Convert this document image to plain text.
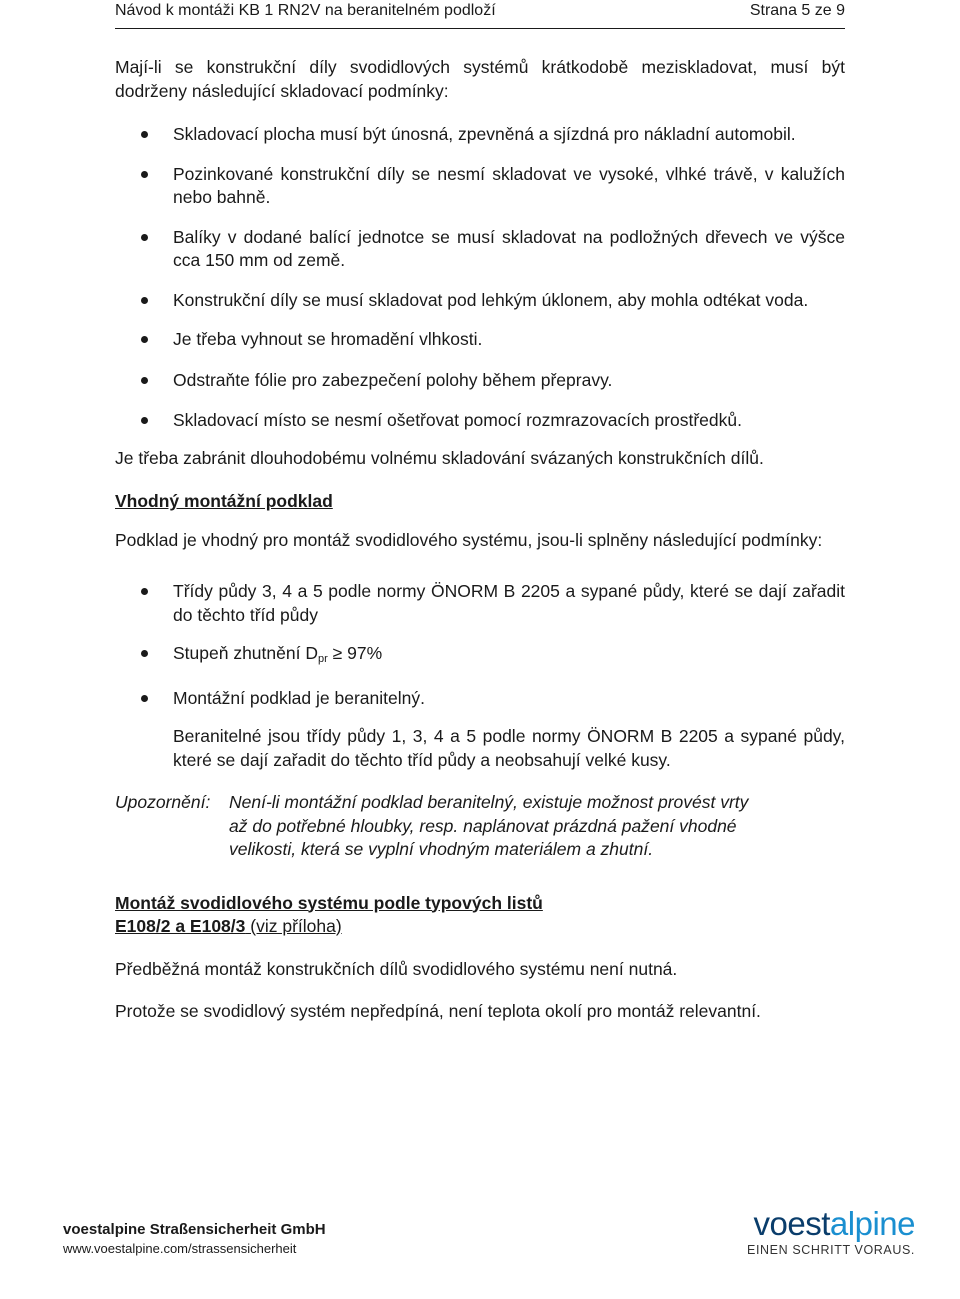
Návod k montáži KB 1 RN2V na beranitelném podloží	Strana 5 ze 9

Mají-li se konstrukční díly svodidlových systémů krátkodobě meziskladovat, musí být dodrženy následující skladovací podmínky:

Skladovací plocha musí být únosná, zpevněná a sjízdná pro nákladní automobil.
Pozinkované konstrukční díly se nesmí skladovat ve vysoké, vlhké trávě, v kalužích nebo bahně.
Balíky v dodané balící jednotce se musí skladovat na podložných dřevech ve výšce cca 150 mm od země.
Konstrukční díly se musí skladovat pod lehkým úklonem, aby mohla odtékat voda.
Je třeba vyhnout se hromadění vlhkosti.
Odstraňte fólie pro zabezpečení polohy během přepravy.
Skladovací místo se nesmí ošetřovat pomocí rozmrazovacích prostředků.

Je třeba zabránit dlouhodobému volnému skladování svázaných konstrukčních dílů.

Vhodný montážní podklad

Podklad je vhodný pro montáž svodidlového systému, jsou-li splněny následující podmínky:

Třídy půdy 3, 4 a 5 podle normy ÖNORM B 2205 a sypané půdy, které se dají zařadit do těchto tříd půdy
Stupeň zhutnění $D_{pr} \ge 97\%$
Montážní podklad je beranitelný.

Beranitelné jsou třídy půdy 1, 3, 4 a 5 podle normy ÖNORM B 2205 a sypané půdy, které se dají zařadit do těchto tříd půdy a neobsahují velké kusy.

Upozornění: Není-li montážní podklad beranitelný, existuje možnost provést vrty až do potřebné hloubky, resp. naplánovat prázdná pažení vhodné velikosti, která se vyplní vhodným materiálem a zhutní.

Montáž svodidlového systému podle typových listů

E108/2 a E108/3 (viz příloha)

Předběžná montáž konstrukčních dílů svodidlového systému není nutná.

Protože se svodidlový systém nepředpíná, není teplota okolí pro montáž relevantní.

voestalpine Straßensicherheit GmbH
www.voestalpine.com/strassensicherheit
voestalpine
EINEN SCHRITT VORAUS.
